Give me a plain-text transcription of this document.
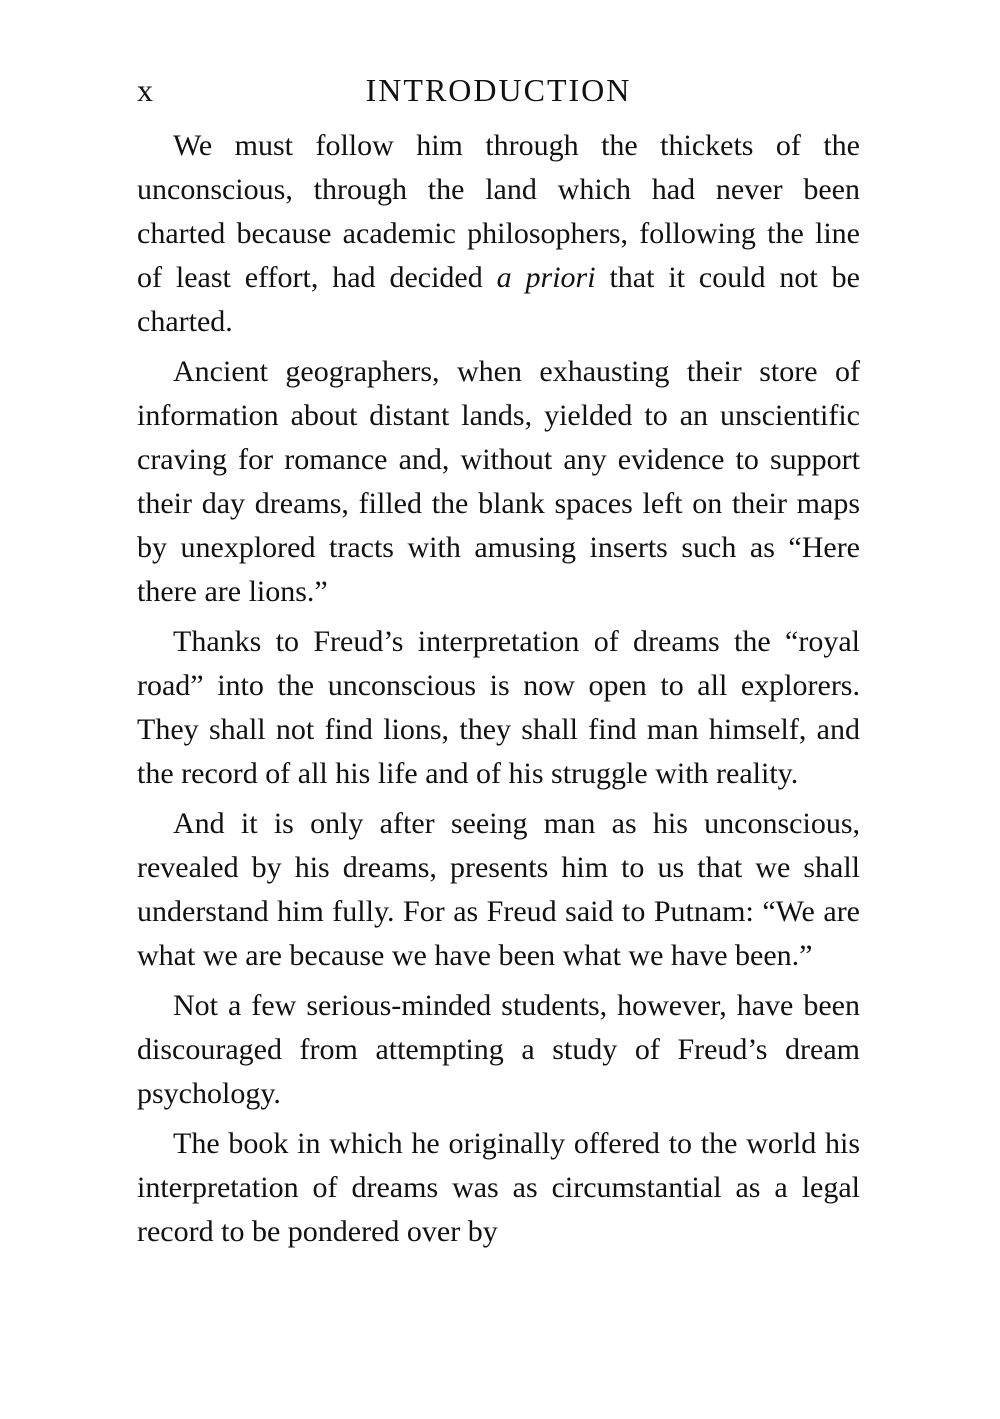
x	INTRODUCTION

We must follow him through the thickets of the unconscious, through the land which had never been charted because academic philosophers, following the line of least effort, had decided a priori that it could not be charted.

Ancient geographers, when exhausting their store of information about distant lands, yielded to an unscientific craving for romance and, without any evidence to support their day dreams, filled the blank spaces left on their maps by unexplored tracts with amusing inserts such as “Here there are lions.”

Thanks to Freud’s interpretation of dreams the “royal road” into the unconscious is now open to all explorers. They shall not find lions, they shall find man himself, and the record of all his life and of his struggle with reality.

And it is only after seeing man as his unconscious, revealed by his dreams, presents him to us that we shall understand him fully. For as Freud said to Putnam: “We are what we are because we have been what we have been.”

Not a few serious-minded students, however, have been discouraged from attempting a study of Freud’s dream psychology.

The book in which he originally offered to the world his interpretation of dreams was as circumstantial as a legal record to be pondered over by
